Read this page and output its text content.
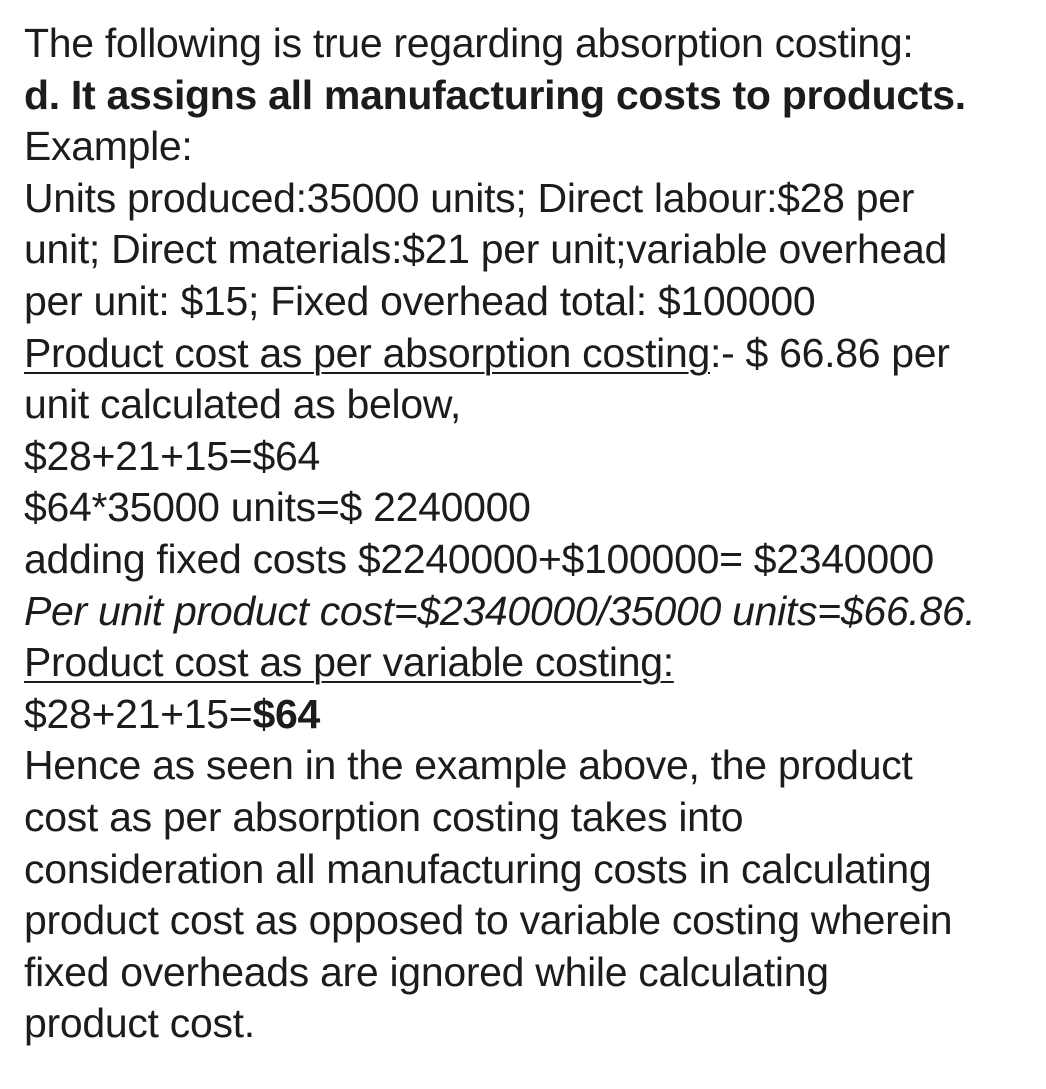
The following is true regarding absorption costing:
d. It assigns all manufacturing costs to products.
Example:
Units produced:35000 units; Direct labour:$28 per
unit; Direct materials:$21 per unit;variable overhead
per unit: $15; Fixed overhead total: $100000
Product cost as per absorption costing:- $ 66.86 per
unit calculated as below,
$28+21+15=$64
$64*35000 units=$ 2240000
adding fixed costs $2240000+$100000= $2340000
Per unit product cost=$2340000/35000 units=$66.86.
Product cost as per variable costing:
$28+21+15=$64
Hence as seen in the example above, the product
cost as per absorption costing takes into
consideration all manufacturing costs in calculating
product cost as opposed to variable costing wherein
fixed overheads are ignored while calculating
product cost.
